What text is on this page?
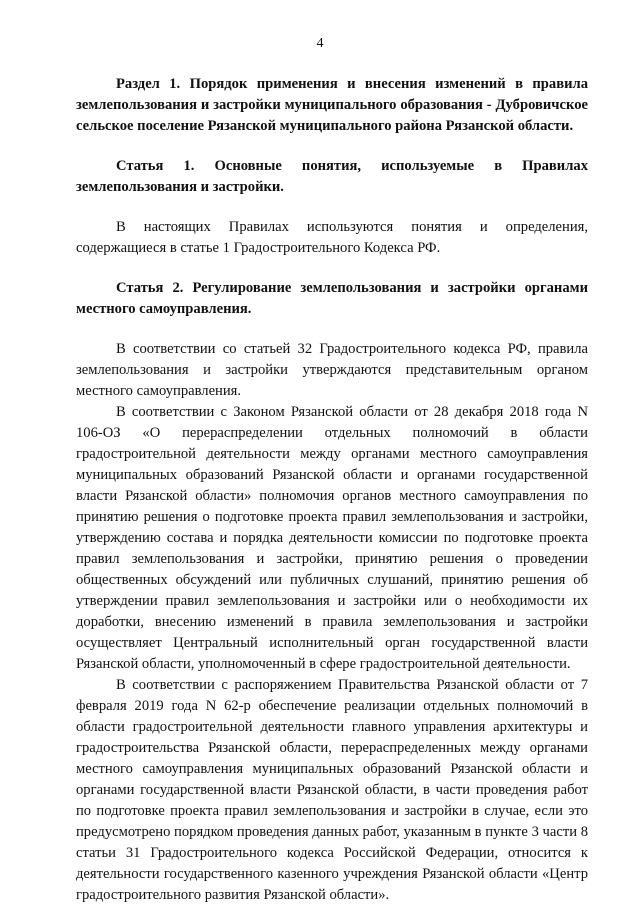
4

Раздел 1. Порядок применения и внесения изменений в правила землепользования и застройки муниципального образования - Дубровичское сельское поселение Рязанской муниципального района Рязанской области.

Статья 1. Основные понятия, используемые в Правилах землепользования и застройки.

В настоящих Правилах используются понятия и определения, содержащиеся в статье 1 Градостроительного Кодекса РФ.

Статья 2. Регулирование землепользования и застройки органами местного самоуправления.

В соответствии со статьей 32 Градостроительного кодекса РФ, правила землепользования и застройки утверждаются представительным органом местного самоуправления.

В соответствии с Законом Рязанской области от 28 декабря 2018 года N 106-ОЗ «О перераспределении отдельных полномочий в области градостроительной деятельности между органами местного самоуправления муниципальных образований Рязанской области и органами государственной власти Рязанской области» полномочия органов местного самоуправления по принятию решения о подготовке проекта правил землепользования и застройки, утверждению состава и порядка деятельности комиссии по подготовке проекта правил землепользования и застройки, принятию решения о проведении общественных обсуждений или публичных слушаний, принятию решения об утверждении правил землепользования и застройки или о необходимости их доработки, внесению изменений в правила землепользования и застройки осуществляет Центральный исполнительный орган государственной власти Рязанской области, уполномоченный в сфере градостроительной деятельности.

В соответствии с распоряжением Правительства Рязанской области от 7 февраля 2019 года N 62-р обеспечение реализации отдельных полномочий в области градостроительной деятельности главного управления архитектуры и градостроительства Рязанской области, перераспределенных между органами местного самоуправления муниципальных образований Рязанской области и органами государственной власти Рязанской области, в части проведения работ по подготовке проекта правил землепользования и застройки в случае, если это предусмотрено порядком проведения данных работ, указанным в пункте 3 части 8 статьи 31 Градостроительного кодекса Российской Федерации, относится к деятельности государственного казенного учреждения Рязанской области «Центр градостроительного развития Рязанской области».
